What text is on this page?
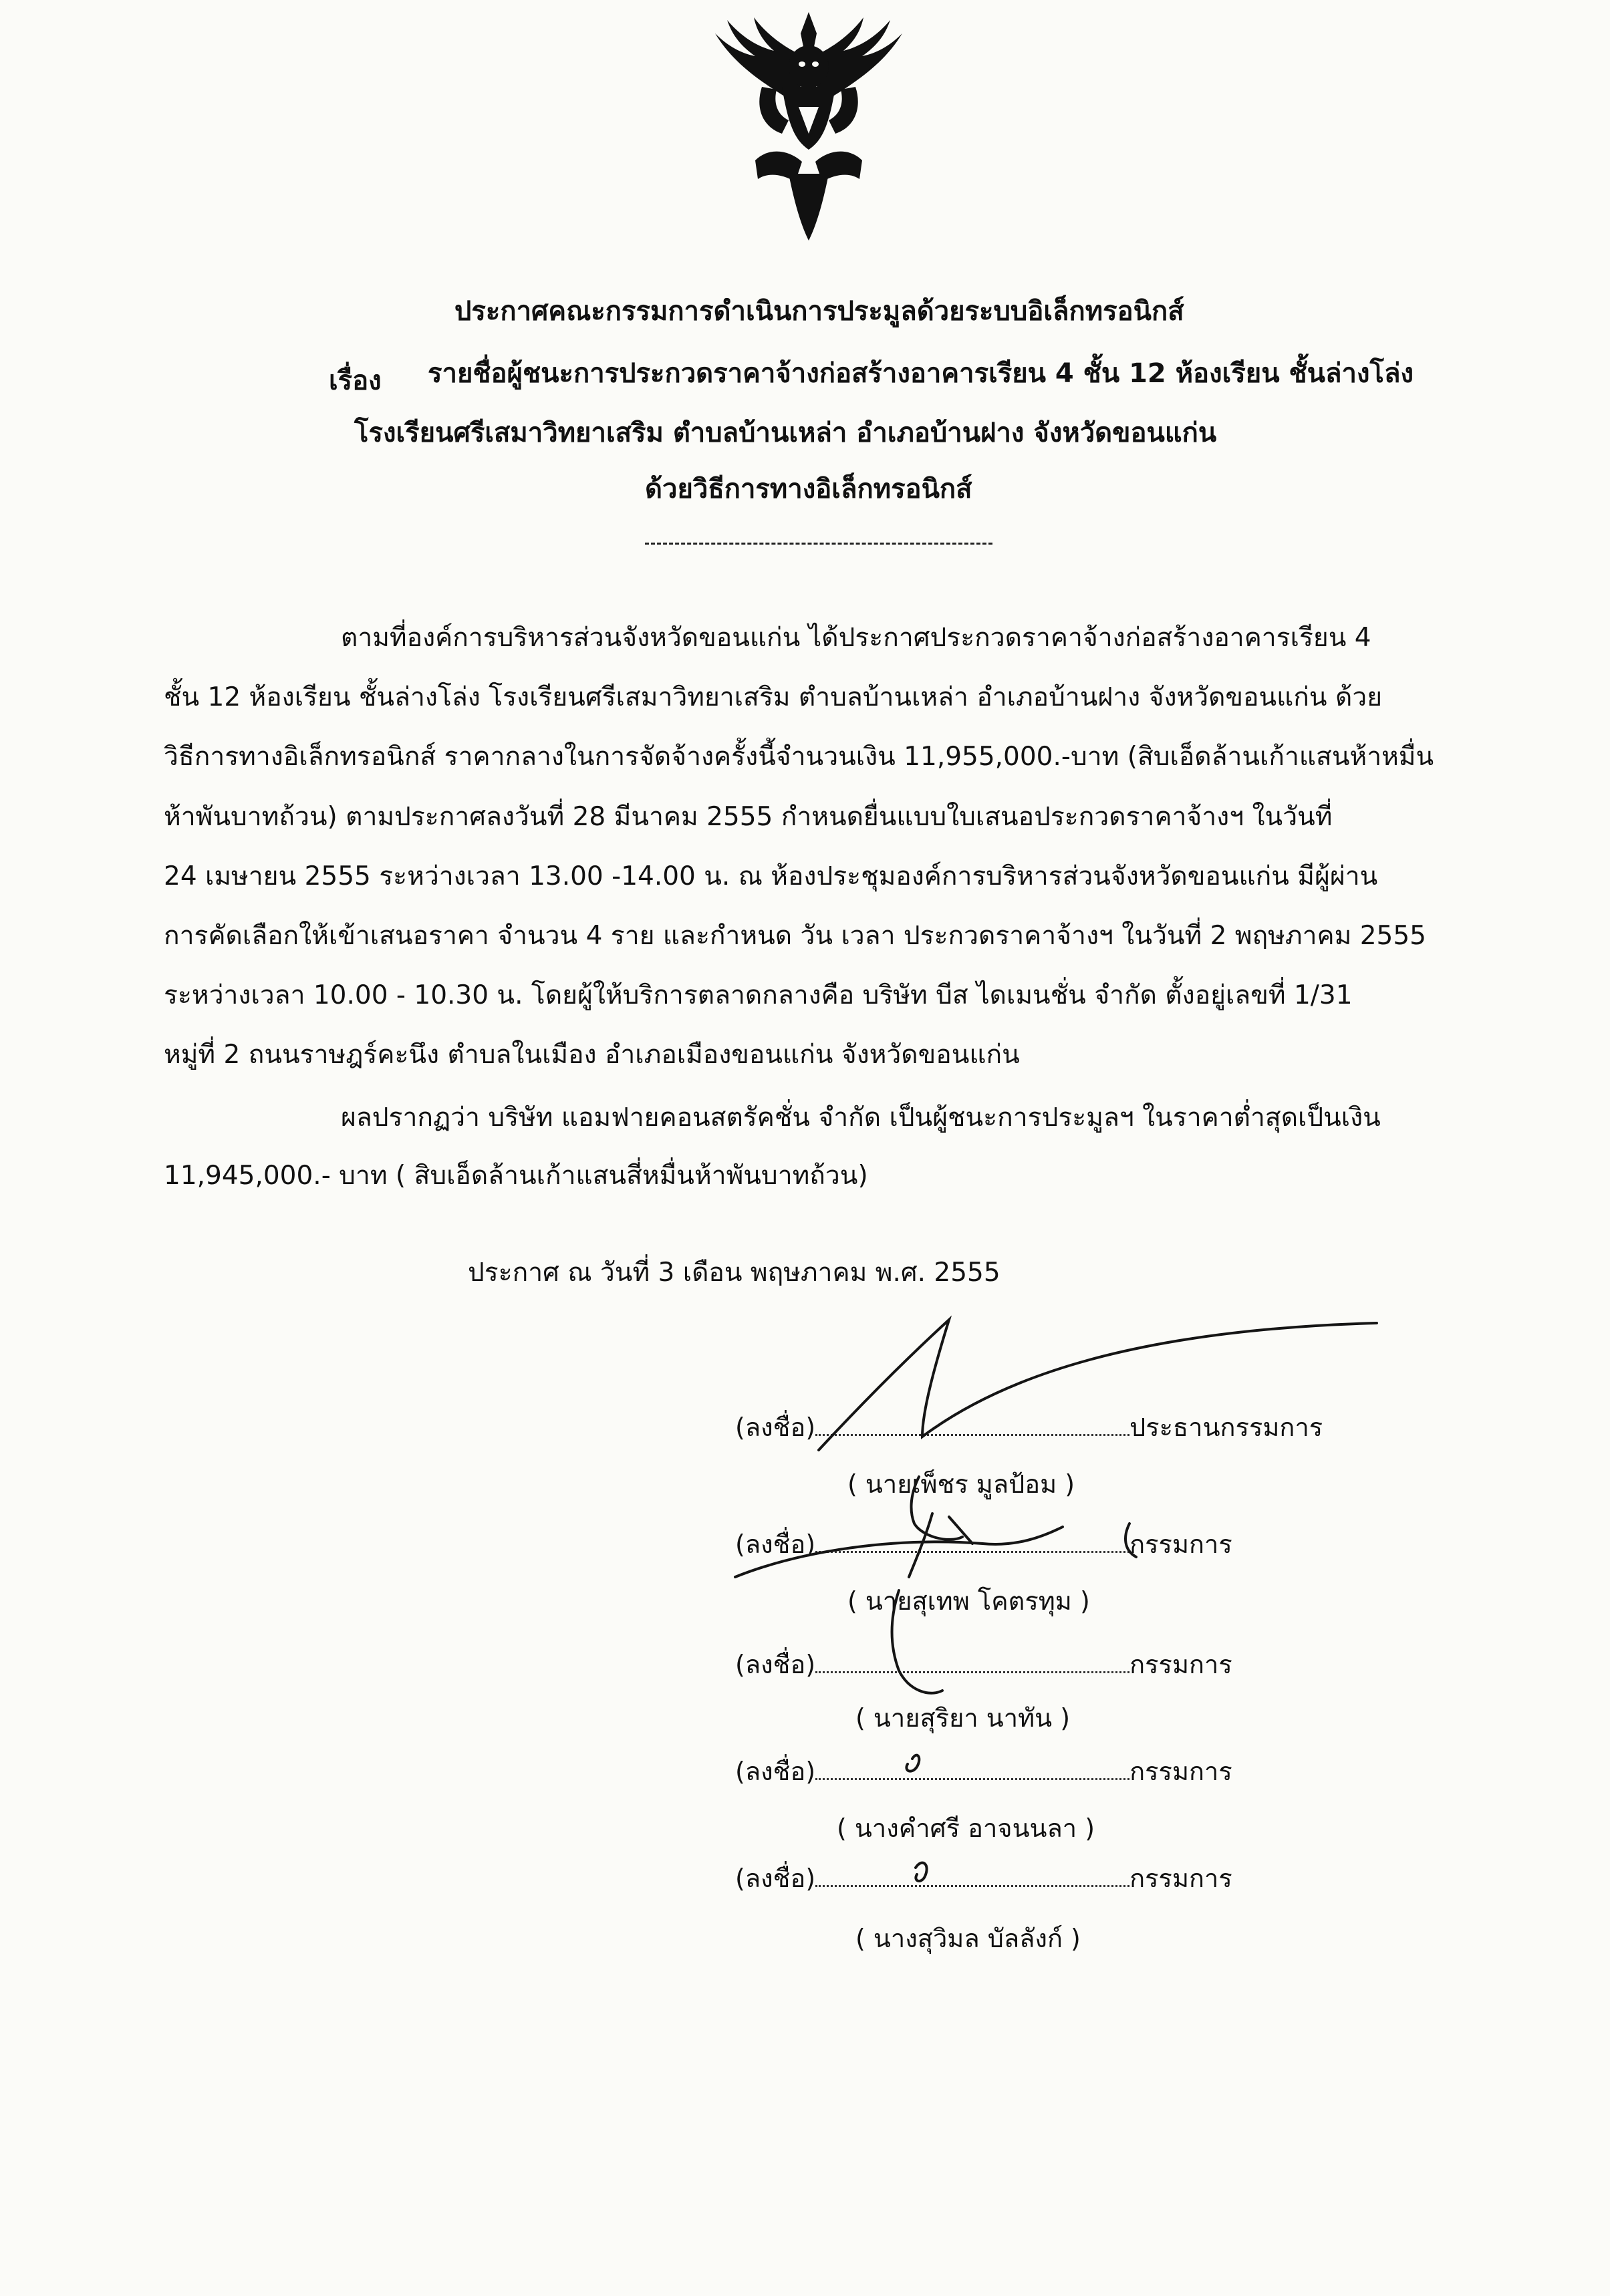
ประกาศคณะกรรมการดำเนินการประมูลด้วยระบบอิเล็กทรอนิกส์
เรื่อง รายชื่อผู้ชนะการประกวดราคาจ้างก่อสร้างอาคารเรียน 4 ชั้น 12 ห้องเรียน ชั้นล่างโล่ง
โรงเรียนศรีเสมาวิทยาเสริม ตำบลบ้านเหล่า อำเภอบ้านฝาง จังหวัดขอนแก่น
ด้วยวิธีการทางอิเล็กทรอนิกส์
ตามที่องค์การบริหารส่วนจังหวัดขอนแก่น ได้ประกาศประกวดราคาจ้างก่อสร้างอาคารเรียน 4
ชั้น 12 ห้องเรียน ชั้นล่างโล่ง โรงเรียนศรีเสมาวิทยาเสริม ตำบลบ้านเหล่า อำเภอบ้านฝาง จังหวัดขอนแก่น ด้วย
วิธีการทางอิเล็กทรอนิกส์ ราคากลางในการจัดจ้างครั้งนี้จำนวนเงิน 11,955,000.-บาท (สิบเอ็ดล้านเก้าแสนห้าหมื่น
ห้าพันบาทถ้วน) ตามประกาศลงวันที่ 28 มีนาคม 2555 กำหนดยื่นแบบใบเสนอประกวดราคาจ้างฯ ในวันที่
24 เมษายน 2555 ระหว่างเวลา 13.00 -14.00 น. ณ ห้องประชุมองค์การบริหารส่วนจังหวัดขอนแก่น มีผู้ผ่าน
การคัดเลือกให้เข้าเสนอราคา จำนวน 4 ราย และกำหนด วัน เวลา ประกวดราคาจ้างฯ ในวันที่ 2 พฤษภาคม 2555
ระหว่างเวลา 10.00 - 10.30 น. โดยผู้ให้บริการตลาดกลางคือ บริษัท บีส ไดเมนชั่น จำกัด ตั้งอยู่เลขที่ 1/31
หมู่ที่ 2 ถนนราษฎร์คะนึง ตำบลในเมือง อำเภอเมืองขอนแก่น จังหวัดขอนแก่น
ผลปรากฏว่า บริษัท แอมฟายคอนสตรัคชั่น จำกัด เป็นผู้ชนะการประมูลฯ ในราคาต่ำสุดเป็นเงิน
11,945,000.- บาท ( สิบเอ็ดล้านเก้าแสนสี่หมื่นห้าพันบาทถ้วน)
ประกาศ ณ วันที่ 3 เดือน พฤษภาคม พ.ศ. 2555
(ลงชื่อ)	ประธานกรรมการ
( นายเพ็ชร มูลป้อม )
(ลงชื่อ)	กรรมการ
( นายสุเทพ โคตรทุม )
(ลงชื่อ)	กรรมการ
( นายสุริยา นาทัน )
(ลงชื่อ)	กรรมการ
( นางคำศรี อาจนนลา )
(ลงชื่อ)	กรรมการ
( นางสุวิมล บัลลังก์ )
